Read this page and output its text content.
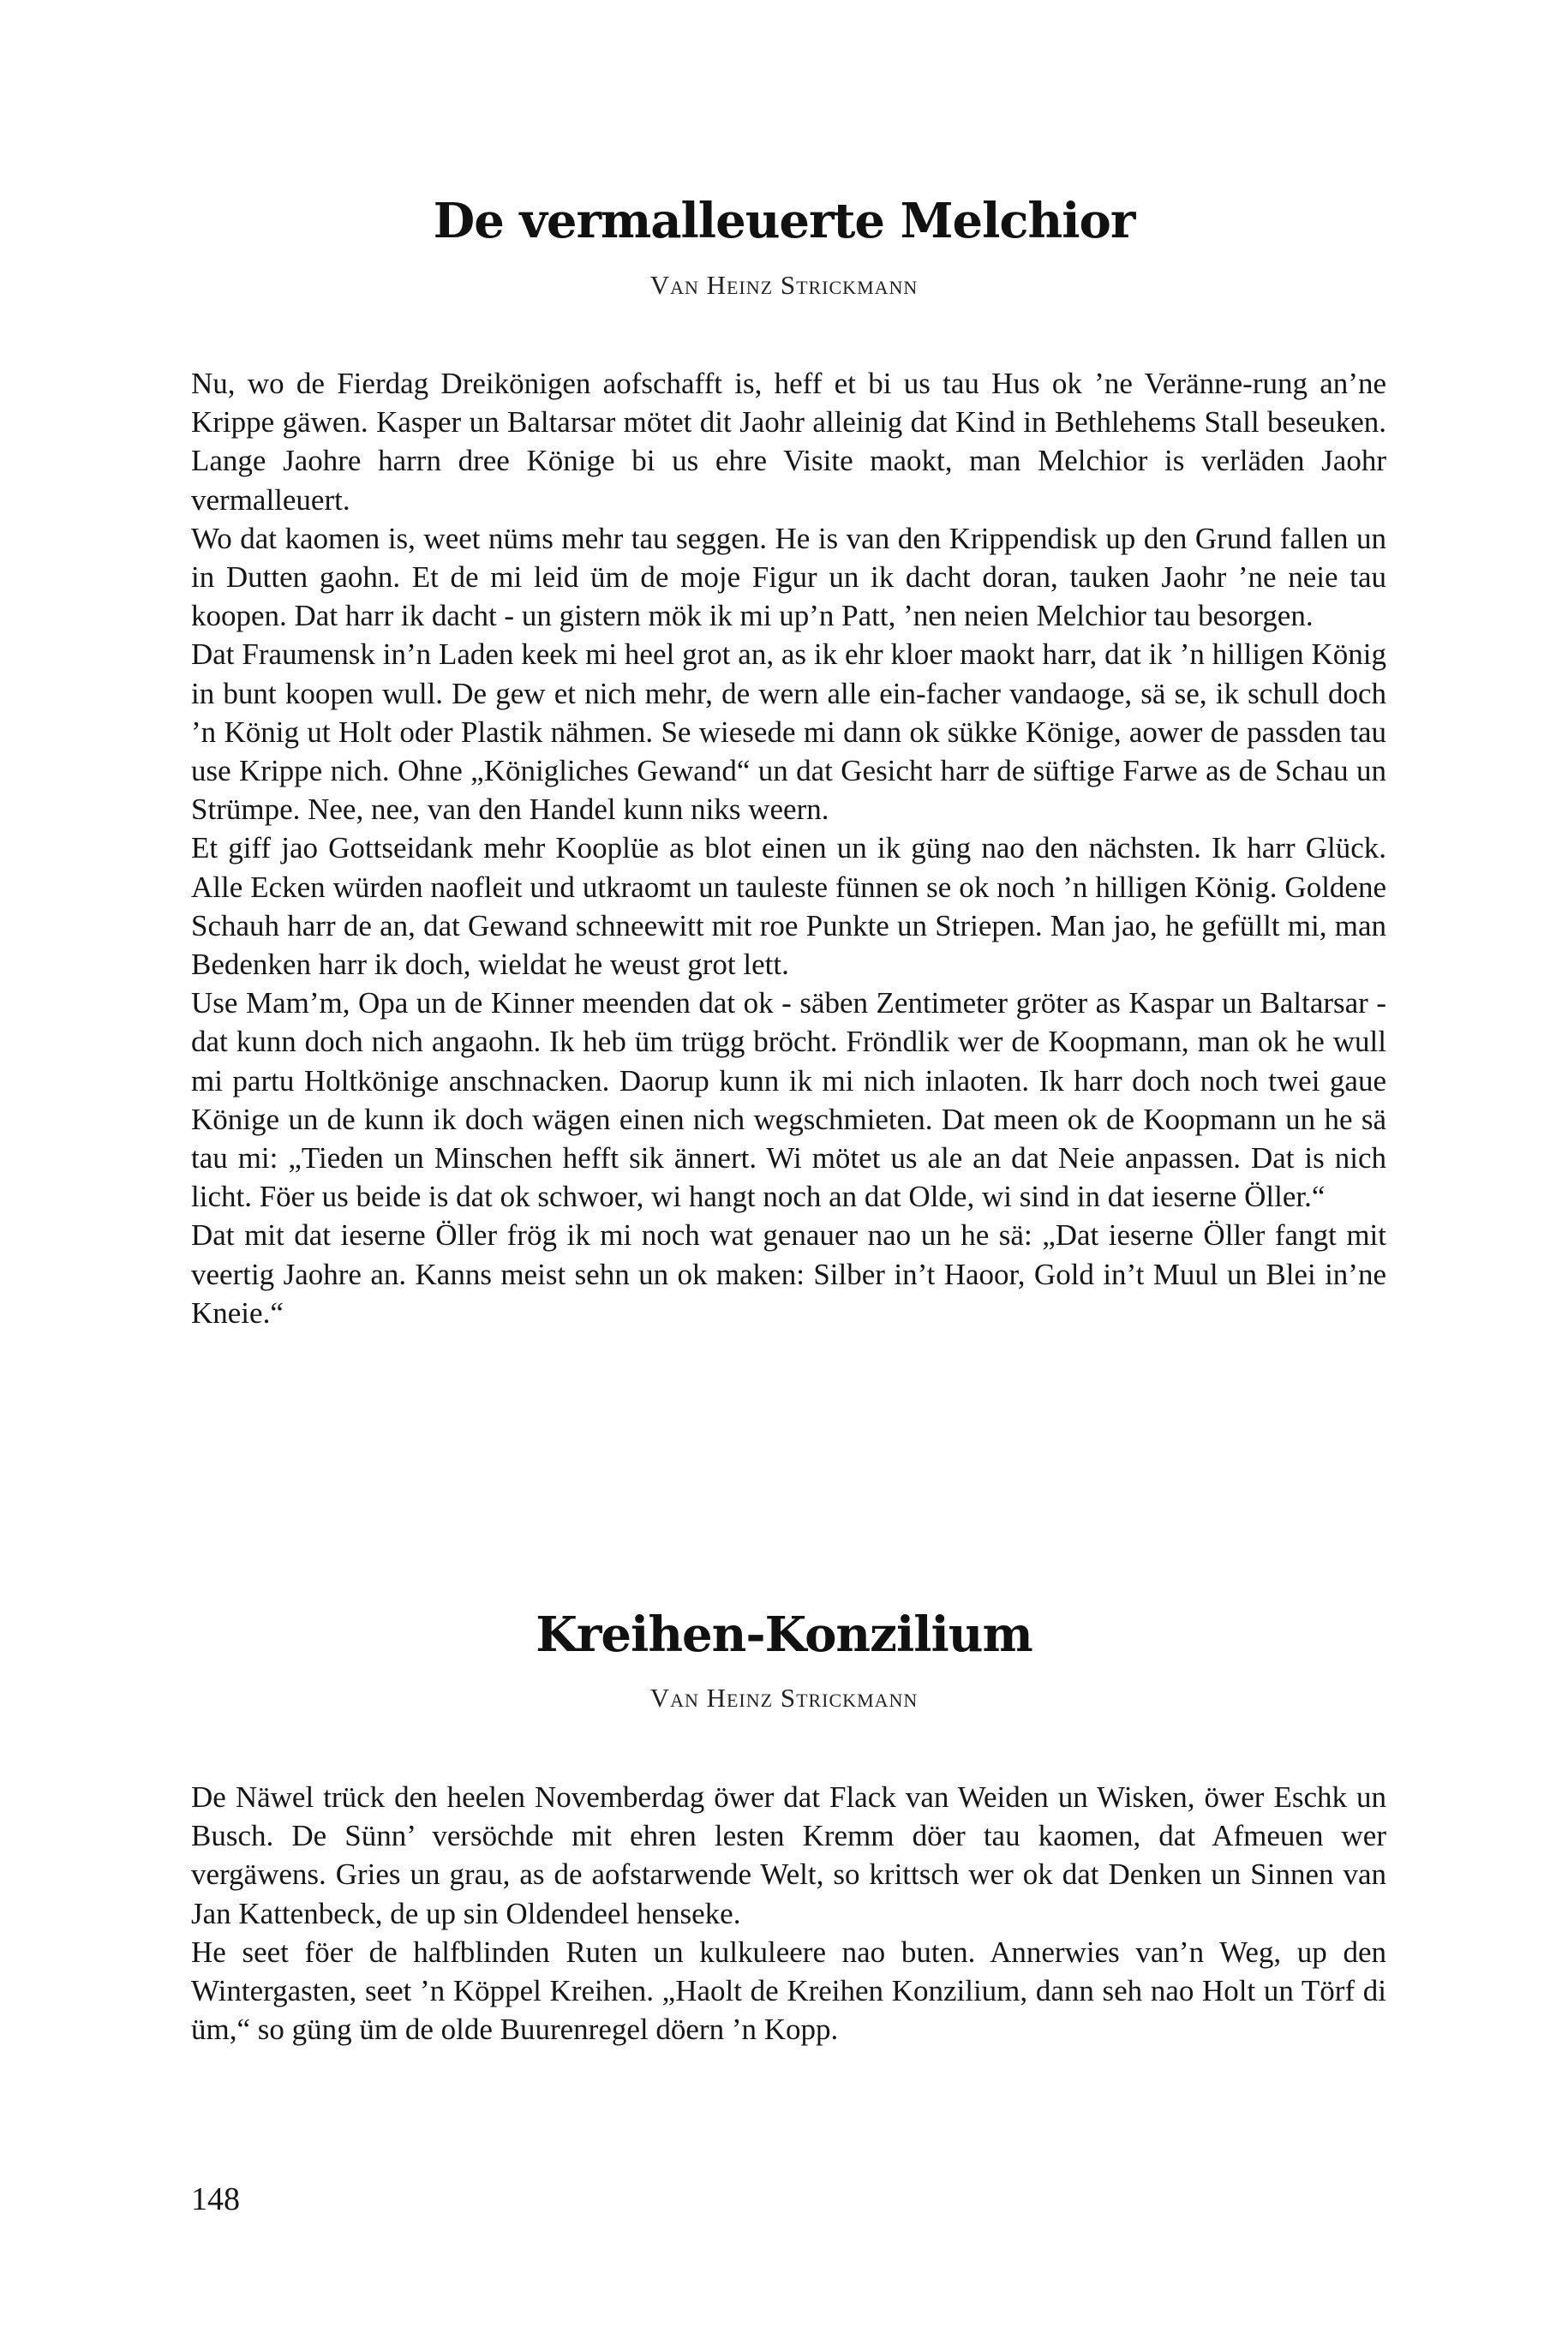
De vermalleuerte Melchior
Van Heinz Strickmann

Nu, wo de Fierdag Dreikönigen aofschafft is, heff et bi us tau Hus ok ’ne Veränne-rung an’ne Krippe gäwen. Kasper un Baltarsar mötet dit Jaohr alleinig dat Kind in Bethlehems Stall beseuken. Lange Jaohre harrn dree Könige bi us ehre Visite maokt, man Melchior is verläden Jaohr vermalleuert.

Wo dat kaomen is, weet nüms mehr tau seggen. He is van den Krippendisk up den Grund fallen un in Dutten gaohn. Et de mi leid üm de moje Figur un ik dacht doran, tauken Jaohr ’ne neie tau koopen. Dat harr ik dacht - un gistern mök ik mi up’n Patt, ’nen neien Melchior tau besorgen.

Dat Fraumensk in’n Laden keek mi heel grot an, as ik ehr kloer maokt harr, dat ik ’n hilligen König in bunt koopen wull. De gew et nich mehr, de wern alle ein-facher vandaoge, sä se, ik schull doch ’n König ut Holt oder Plastik nähmen. Se wiesede mi dann ok sükke Könige, aower de passden tau use Krippe nich. Ohne „Königliches Gewand“ un dat Gesicht harr de süftige Farwe as de Schau un Strümpe. Nee, nee, van den Handel kunn niks weern.

Et giff jao Gottseidank mehr Kooplüe as blot einen un ik güng nao den nächsten. Ik harr Glück. Alle Ecken würden naofleit und utkraomt un tauleste fünnen se ok noch ’n hilligen König. Goldene Schauh harr de an, dat Gewand schneewitt mit roe Punkte un Striepen. Man jao, he gefüllt mi, man Bedenken harr ik doch, wieldat he weust grot lett.

Use Mam’m, Opa un de Kinner meenden dat ok - säben Zentimeter gröter as Kaspar un Baltarsar - dat kunn doch nich angaohn. Ik heb üm trügg bröcht. Fröndlik wer de Koopmann, man ok he wull mi partu Holtkönige anschnacken. Daorup kunn ik mi nich inlaoten. Ik harr doch noch twei gaue Könige un de kunn ik doch wägen einen nich wegschmieten. Dat meen ok de Koopmann un he sä tau mi: „Tieden un Minschen hefft sik ännert. Wi mötet us ale an dat Neie anpassen. Dat is nich licht. Föer us beide is dat ok schwoer, wi hangt noch an dat Olde, wi sind in dat ieserne Öller.“

Dat mit dat ieserne Öller frög ik mi noch wat genauer nao un he sä: „Dat ieserne Öller fangt mit veertig Jaohre an. Kanns meist sehn un ok maken: Silber in’t Haoor, Gold in’t Muul un Blei in’ne Kneie.“

Kreihen-Konzilium
Van Heinz Strickmann

De Näwel trück den heelen Novemberdag öwer dat Flack van Weiden un Wisken, öwer Eschk un Busch. De Sünn’ versöchde mit ehren lesten Kremm döer tau kaomen, dat Afmeuen wer vergäwens. Gries un grau, as de aofstarwende Welt, so krittsch wer ok dat Denken un Sinnen van Jan Kattenbeck, de up sin Oldendeel henseke.

He seet föer de halfblinden Ruten un kulkuleere nao buten. Annerwies van’n Weg, up den Wintergasten, seet ’n Köppel Kreihen. „Haolt de Kreihen Konzilium, dann seh nao Holt un Törf di üm,“ so güng üm de olde Buurenregel döern ’n Kopp.

148
